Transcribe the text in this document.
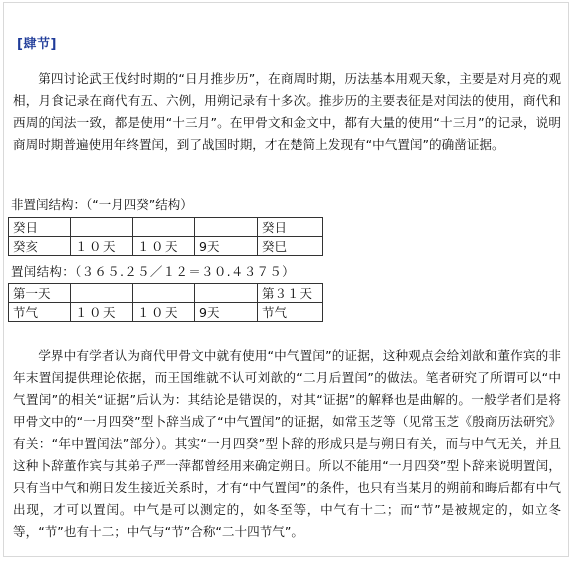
[肆节]

第四讨论武王伐纣时期的“日月推步历”，在商周时期，历法基本用观天象，主要是对月亮的观相，月食记录在商代有五、六例，用朔记录有十多次。推步历的主要表征是对闰法的使用，商代和西周的闰法一致，都是使用“十三月”。在甲骨文和金文中，都有大量的使用“十三月”的记录，说明商周时期普遍使用年终置闰，到了战国时期，才在楚简上发现有“中气置闰”的确凿证据。

非置闰结构：（“一月四癸”结构）
癸日				癸日
癸亥	１０天	１０天	9天	癸巳
置闰结构：（３６５.２５／１２＝３０.４３７５）
第一天				第３１天
节气	１０天	１０天	9天	节气

学界中有学者认为商代甲骨文中就有使用“中气置闰”的证据，这种观点会给刘歆和董作宾的非年末置闰提供理论依据，而王国维就不认可刘歆的“二月后置闰”的做法。笔者研究了所谓可以“中气置闰”的相关“证据”后认为：其结论是错误的，对其“证据”的解释也是曲解的。一般学者们是将甲骨文中的“一月四癸”型卜辞当成了“中气置闰”的证据，如常玉芝等（见常玉芝《殷商历法研究》有关：“年中置闰法”部分）。其实“一月四癸”型卜辞的形成只是与朔日有关，而与中气无关，并且这种卜辞董作宾与其弟子严一萍都曾经用来确定朔日。所以不能用“一月四癸”型卜辞来说明置闰，只有当中气和朔日发生接近关系时，才有“中气置闰”的条件，也只有当某月的朔前和晦后都有中气出现，才可以置闰。中气是可以测定的，如冬至等，中气有十二；而“节”是被规定的，如立冬等，“节”也有十二；中气与“节”合称“二十四节气”。
